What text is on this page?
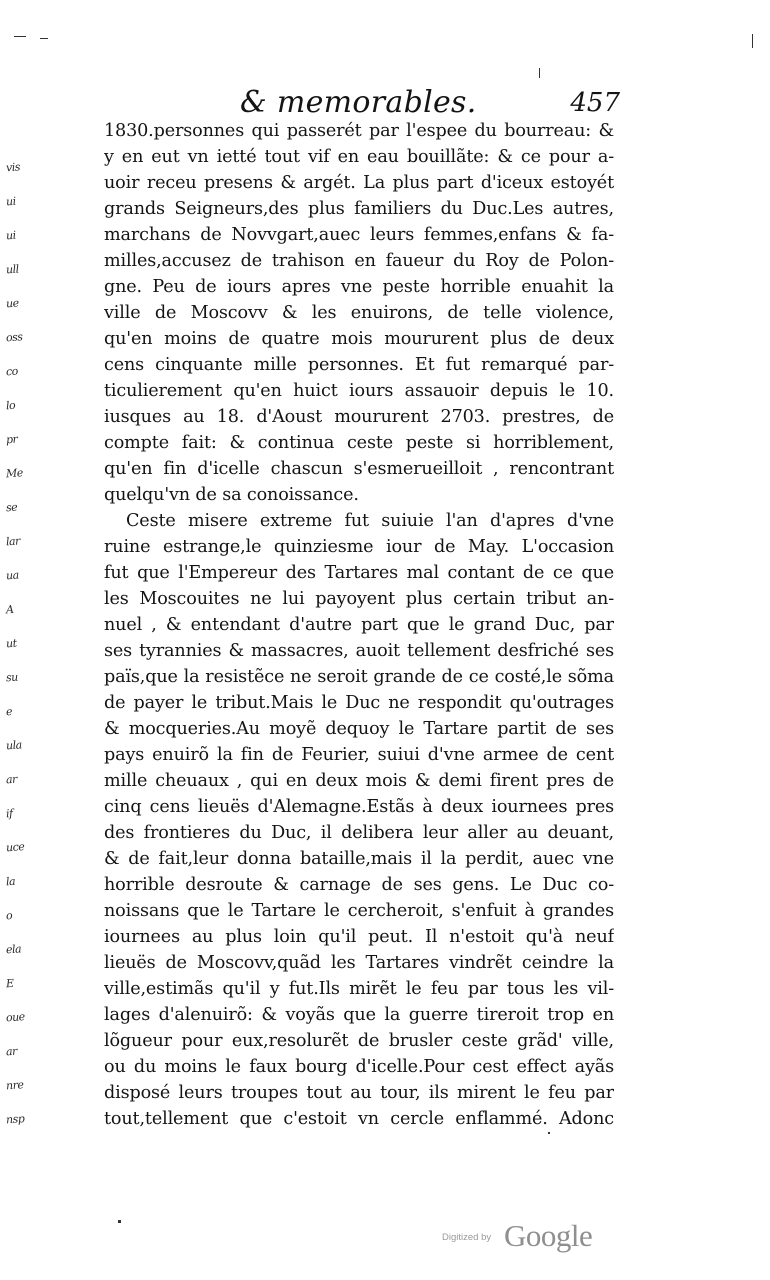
vis
ui
ui
ull
ue
oss
co
lo
pr
Me
se
lar
ua
A
ut
su
e
ula
ar
if
uce
la
o
ela
E
oue
ar
nre
nsp
& memorables.	457
1830.personnes qui passerét par l'espee du bourreau: &
y en eut vn ietté tout vif en eau bouillãte: & ce pour a-
uoir receu presens & argét. La plus part d'iceux estoyét
grands Seigneurs,des plus familiers du Duc.Les autres,
marchans de Novvgart,auec leurs femmes,enfans & fa-
milles,accusez de trahison en faueur du Roy de Polon-
gne. Peu de iours apres vne peste horrible enuahit la
ville de Moscovv & les enuirons, de telle violence,
qu'en moins de quatre mois moururent plus de deux
cens cinquante mille personnes. Et fut remarqué par-
ticulierement qu'en huict iours assauoir depuis le 10.
iusques au 18. d'Aoust moururent 2703. prestres, de
compte fait: & continua ceste peste si horriblement,
qu'en fin d'icelle chascun s'esmerueilloit , rencontrant
quelqu'vn de sa conoissance.
Ceste misere extreme fut suiuie l'an d'apres d'vne
ruine estrange,le quinziesme iour de May. L'occasion
fut que l'Empereur des Tartares mal contant de ce que
les Moscouites ne lui payoyent plus certain tribut an-
nuel , & entendant d'autre part que le grand Duc, par
ses tyrannies & massacres, auoit tellement desfriché ses
païs,que la resistẽce ne seroit grande de ce costé,le sõma
de payer le tribut.Mais le Duc ne respondit qu'outrages
& mocqueries.Au moyẽ dequoy le Tartare partit de ses
pays enuirõ la fin de Feurier, suiui d'vne armee de cent
mille cheuaux , qui en deux mois & demi firent pres de
cinq cens lieuës d'Alemagne.Estãs à deux iournees pres
des frontieres du Duc, il delibera leur aller au deuant,
& de fait,leur donna bataille,mais il la perdit, auec vne
horrible desroute & carnage de ses gens. Le Duc co-
noissans que le Tartare le cercheroit, s'enfuit à grandes
iournees au plus loin qu'il peut. Il n'estoit qu'à neuf
lieuës de Moscovv,quãd les Tartares vindrẽt ceindre la
ville,estimãs qu'il y fut.Ils mirẽt le feu par tous les vil-
lages d'alenuirõ: & voyãs que la guerre tireroit trop en
lõgueur pour eux,resolurẽt de brusler ceste grãd' ville,
ou du moins le faux bourg d'icelle.Pour cest effect ayãs
disposé leurs troupes tout au tour, ils mirent le feu par
tout,tellement que c'estoit vn cercle enflammé. Adonc
Digitized by Google
